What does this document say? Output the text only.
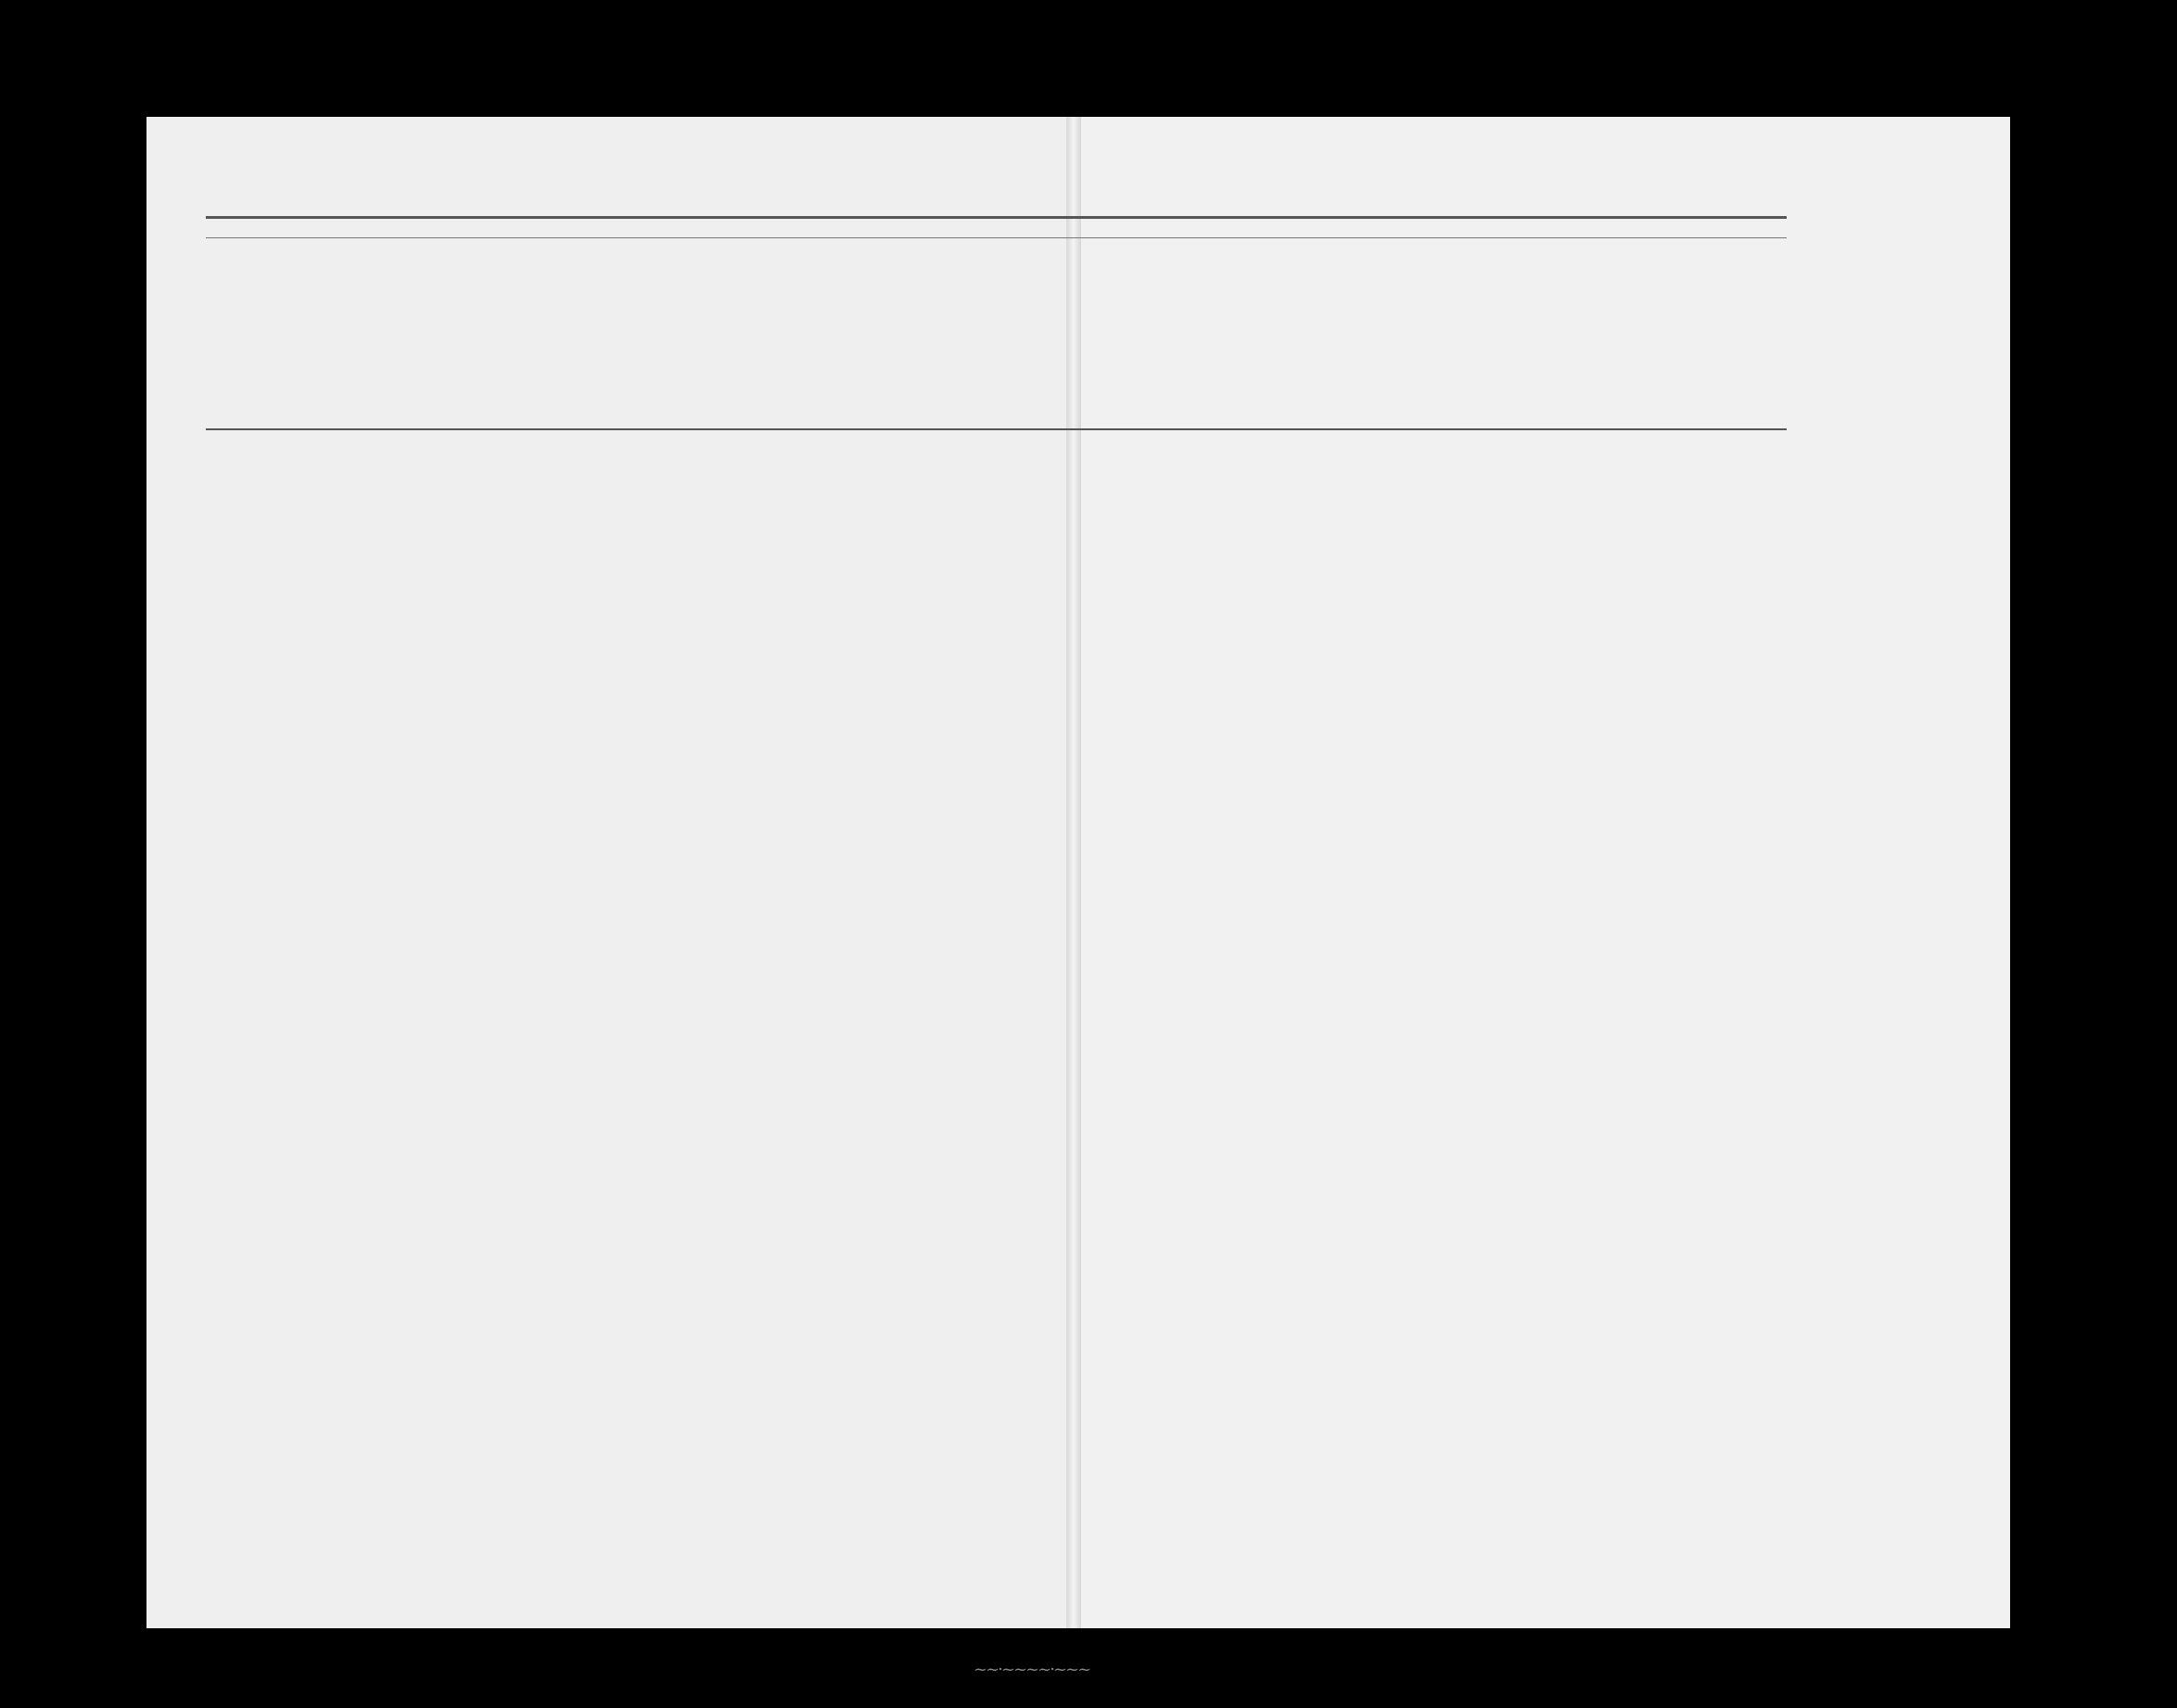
~~·~~~~·~~~
